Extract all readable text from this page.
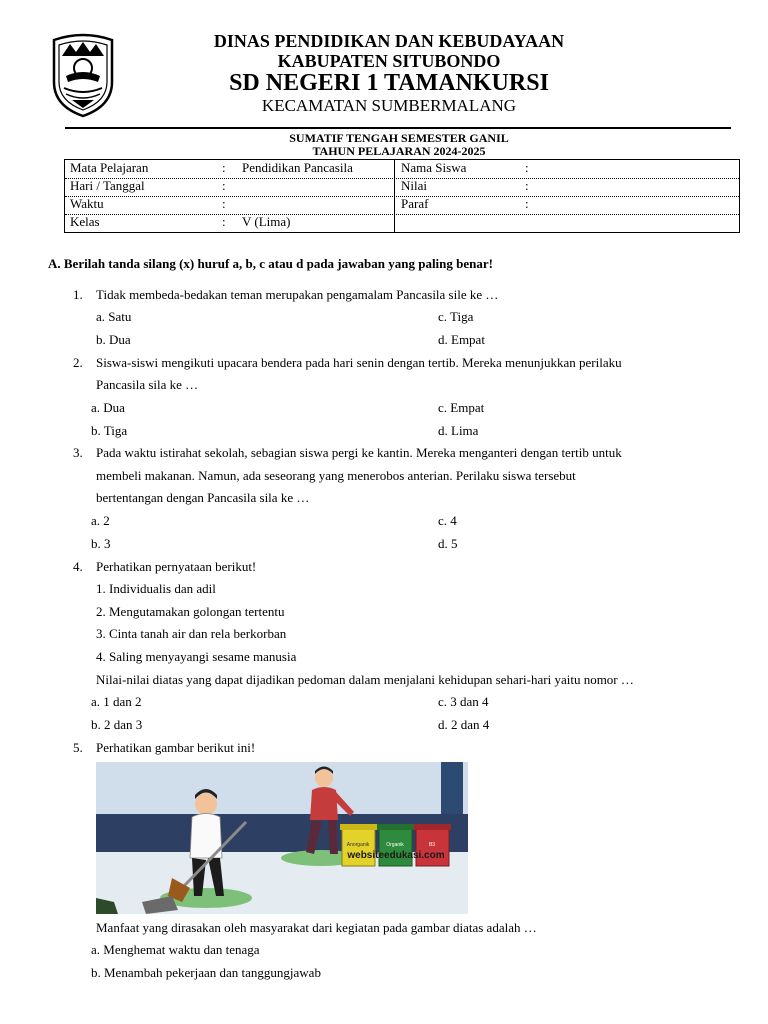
DINAS PENDIDIKAN DAN KEBUDAYAAN
KABUPATEN SITUBONDO
SD NEGERI 1 TAMANKURSI
KECAMATAN SUMBERMALANG
SUMATIF TENGAH SEMESTER GANIL
TAHUN PELAJARAN 2024-2025
Mata Pelajaran	: Pendidikan Pancasila	Nama Siswa	:
Hari / Tanggal	:	Nilai	:
Waktu	:	Paraf	:
Kelas	: V (Lima)
A. Berilah tanda silang (x) huruf a, b, c atau d pada jawaban yang paling benar!
1. Tidak membeda-bedakan teman merupakan pengamalam Pancasila sile ke …
a. Satu	c. Tiga
b. Dua	d. Empat
2. Siswa-siswi mengikuti upacara bendera pada hari senin dengan tertib. Mereka menunjukkan perilaku
Pancasila sila ke …
a. Dua	c. Empat
b. Tiga	d. Lima
3. Pada waktu istirahat sekolah, sebagian siswa pergi ke kantin. Mereka menganteri dengan tertib untuk
membeli makanan. Namun, ada seseorang yang menerobos anterian. Perilaku siswa tersebut
bertentangan dengan Pancasila sila ke …
a. 2	c. 4
b. 3	d. 5
4. Perhatikan pernyataan berikut!
1. Individualis dan adil
2. Mengutamakan golongan tertentu
3. Cinta tanah air dan rela berkorban
4. Saling menyayangi sesame manusia
Nilai-nilai diatas yang dapat dijadikan pedoman dalam menjalani kehidupan sehari-hari yaitu nomor …
a. 1 dan 2	c. 3 dan 4
b. 2 dan 3	d. 2 dan 4
5. Perhatikan gambar berikut ini!
Anorganik	Organik	B3
websiteedukasi.com
Manfaat yang dirasakan oleh masyarakat dari kegiatan pada gambar diatas adalah …
a. Menghemat waktu dan tenaga
b. Menambah pekerjaan dan tanggungjawab
